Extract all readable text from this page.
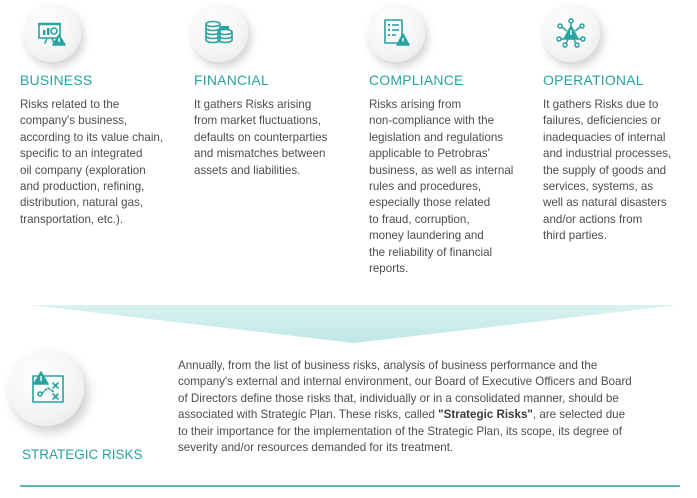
BUSINESS
Risks related to the
company's business,
according to its value chain,
specific to an integrated
oil company (exploration
and production, refining,
distribution, natural gas,
transportation, etc.).
FINANCIAL
It gathers Risks arising
from market fluctuations,
defaults on counterparties
and mismatches between
assets and liabilities.
COMPLIANCE
Risks arising from
non-compliance with the
legislation and regulations
applicable to Petrobras'
business, as well as internal
rules and procedures,
especially those related
to fraud, corruption,
money laundering and
the reliability of financial
reports.
OPERATIONAL
It gathers Risks due to
failures, deficiencies or
inadequacies of internal
and industrial processes,
the supply of goods and
services, systems, as
well as natural disasters
and/or actions from
third parties.
STRATEGIC RISKS
Annually, from the list of business risks, analysis of business performance and the
company's external and internal environment, our Board of Executive Officers and Board
of Directors define those risks that, individually or in a consolidated manner, should be
associated with Strategic Plan. These risks, called "Strategic Risks", are selected due
to their importance for the implementation of the Strategic Plan, its scope, its degree of
severity and/or resources demanded for its treatment.
